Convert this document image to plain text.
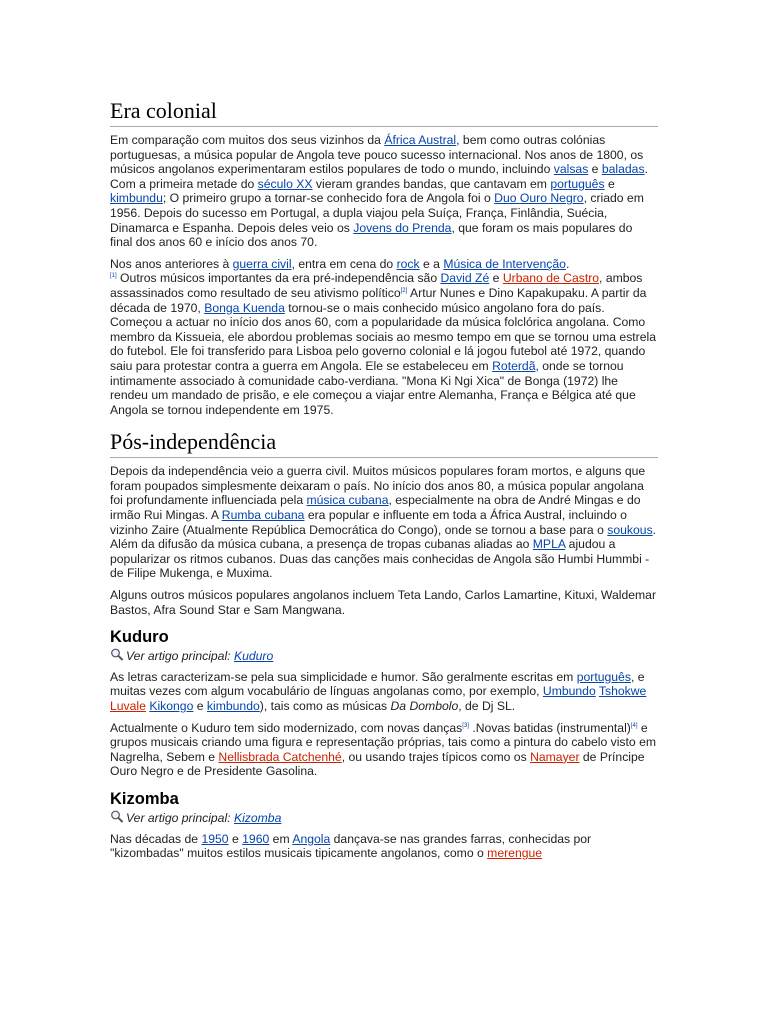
Era colonial

Em comparação com muitos dos seus vizinhos da África Austral, bem como outras colónias portuguesas, a música popular de Angola teve pouco sucesso internacional. Nos anos de 1800, os músicos angolanos experimentaram estilos populares de todo o mundo, incluindo valsas e baladas. Com a primeira metade do século XX vieram grandes bandas, que cantavam em português e kimbundu; O primeiro grupo a tornar-se conhecido fora de Angola foi o Duo Ouro Negro, criado em 1956. Depois do sucesso em Portugal, a dupla viajou pela Suíça, França, Finlândia, Suécia, Dinamarca e Espanha. Depois deles veio os Jovens do Prenda, que foram os mais populares do final dos anos 60 e início dos anos 70.

Nos anos anteriores à guerra civil, entra em cena do rock e a Música de Intervenção.
[1] Outros músicos importantes da era pré-independência são David Zé e Urbano de Castro, ambos assassinados como resultado de seu ativismo político[2] Artur Nunes e Dino Kapakupaku. A partir da década de 1970, Bonga Kuenda tornou-se o mais conhecido músico angolano fora do país. Começou a actuar no início dos anos 60, com a popularidade da música folclórica angolana. Como membro da Kissueia, ele abordou problemas sociais ao mesmo tempo em que se tornou uma estrela do futebol. Ele foi transferido para Lisboa pelo governo colonial e lá jogou futebol até 1972, quando saiu para protestar contra a guerra em Angola. Ele se estabeleceu em Roterdã, onde se tornou intimamente associado à comunidade cabo-verdiana. "Mona Ki Ngi Xica" de Bonga (1972) lhe rendeu um mandado de prisão, e ele começou a viajar entre Alemanha, França e Bélgica até que Angola se tornou independente em 1975.

Pós-independência

Depois da independência veio a guerra civil. Muitos músicos populares foram mortos, e alguns que foram poupados simplesmente deixaram o país. No início dos anos 80, a música popular angolana foi profundamente influenciada pela música cubana, especialmente na obra de André Mingas e do irmão Rui Mingas. A Rumba cubana era popular e influente em toda a África Austral, incluindo o vizinho Zaire (Atualmente República Democrática do Congo), onde se tornou a base para o soukous. Além da difusão da música cubana, a presença de tropas cubanas aliadas ao MPLA ajudou a popularizar os ritmos cubanos. Duas das canções mais conhecidas de Angola são Humbi Hummbi - de Filipe Mukenga, e Muxima.

Alguns outros músicos populares angolanos incluem Teta Lando, Carlos Lamartine, Kituxi, Waldemar Bastos, Afra Sound Star e Sam Mangwana.

Kuduro
Ver artigo principal: Kuduro

As letras caracterizam-se pela sua simplicidade e humor. São geralmente escritas em português, e muitas vezes com algum vocabulário de línguas angolanas como, por exemplo, Umbundo Tshokwe Luvale Kikongo e kimbundo), tais como as músicas Da Dombolo, de Dj SL.

Actualmente o Kuduro tem sido modernizado, com novas danças[3] .Novas batidas (instrumental)[4] e grupos musicais criando uma figura e representação próprias, tais como a pintura do cabelo visto em Nagrelha, Sebem e Nellisbrada Catchenhé, ou usando trajes típicos como os Namayer de Príncipe Ouro Negro e de Presidente Gasolina.

Kizomba
Ver artigo principal: Kizomba

Nas décadas de 1950 e 1960 em Angola dançava-se nas grandes farras, conhecidas por "kizombadas" muitos estilos musicais tipicamente angolanos, como o merengue
